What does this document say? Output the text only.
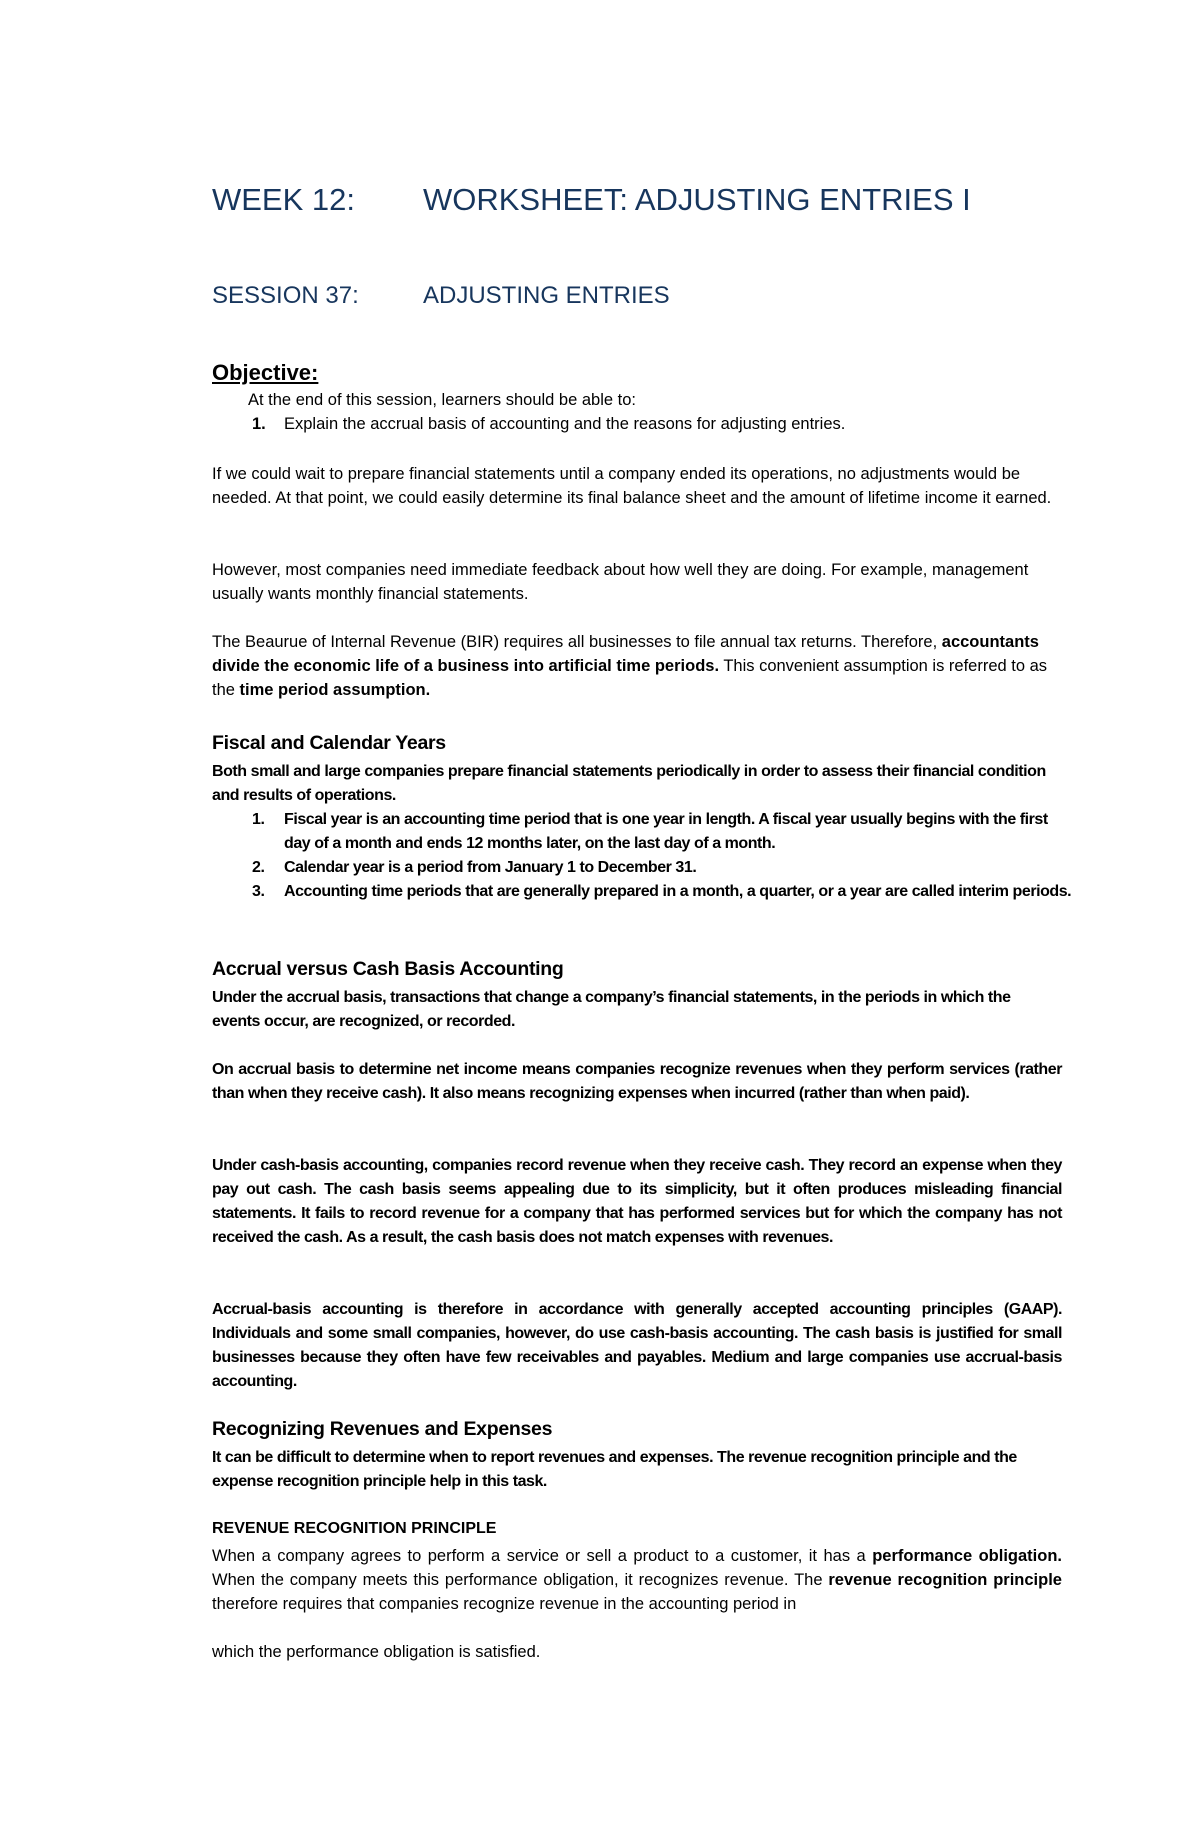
WEEK 12: WORKSHEET: ADJUSTING ENTRIES I
SESSION 37:	ADJUSTING ENTRIES
Objective:
At the end of this session, learners should be able to:
1. Explain the accrual basis of accounting and the reasons for adjusting entries.

If we could wait to prepare financial statements until a company ended its operations, no adjustments would be needed. At that point, we could easily determine its final balance sheet and the amount of lifetime income it earned.

However, most companies need immediate feedback about how well they are doing. For example, management usually wants monthly financial statements.

The Beaurue of Internal Revenue (BIR) requires all businesses to file annual tax returns. Therefore, accountants divide the economic life of a business into artificial time periods. This convenient assumption is referred to as the time period assumption.

Fiscal and Calendar Years

Both small and large companies prepare financial statements periodically in order to assess their financial condition and results of operations.

1. Fiscal year is an accounting time period that is one year in length. A fiscal year usually begins with the first day of a month and ends 12 months later, on the last day of a month.
2. Calendar year is a period from January 1 to December 31.
3. Accounting time periods that are generally prepared in a month, a quarter, or a year are called interim periods.
Accrual versus Cash Basis Accounting

Under the accrual basis, transactions that change a company’s financial statements, in the periods in which the events occur, are recognized, or recorded.

On accrual basis to determine net income means companies recognize revenues when they perform services (rather than when they receive cash). It also means recognizing expenses when incurred (rather than when paid).

Under cash-basis accounting, companies record revenue when they receive cash. They record an expense when they pay out cash. The cash basis seems appealing due to its simplicity, but it often produces misleading financial statements. It fails to record revenue for a company that has performed services but for which the company has not received the cash. As a result, the cash basis does not match expenses with revenues.

Accrual-basis accounting is therefore in accordance with generally accepted accounting principles (GAAP). Individuals and some small companies, however, do use cash-basis accounting. The cash basis is justified for small businesses because they often have few receivables and payables. Medium and large companies use accrual-basis accounting.

Recognizing Revenues and Expenses

It can be difficult to determine when to report revenues and expenses. The revenue recognition principle and the expense recognition principle help in this task.

REVENUE RECOGNITION PRINCIPLE

When a company agrees to perform a service or sell a product to a customer, it has a performance obligation. When the company meets this performance obligation, it recognizes revenue. The revenue recognition principle therefore requires that companies recognize revenue in the accounting period in

which the performance obligation is satisfied.
